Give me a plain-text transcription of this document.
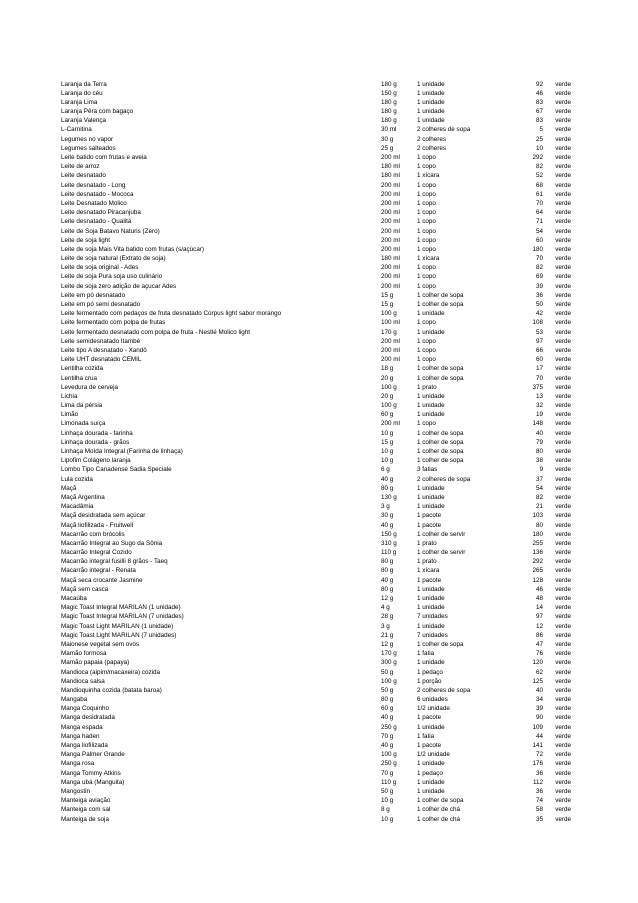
Laranja da Terra	180 g	1 unidade	92	verde
Laranja do céu	150 g	1 unidade	46	verde
Laranja Lima	180 g	1 unidade	83	verde
Laranja Pêra com bagaço	180 g	1 unidade	67	verde
Laranja Valença	180 g	1 unidade	83	verde
L-Carnitina	30 ml	2 colheres de sopa	5	verde
Legumes no vapor	30 g	2 colheres	25	verde
Legumes salteados	25 g	2 colheres	10	verde
Leite batido com frutas e aveia	200 ml	1 copo	292	verde
Leite de arroz	180 ml	1 copo	82	verde
Leite desnatado	180 ml	1 xícara	52	verde
Leite desnatado - Long	200 ml	1 copo	68	verde
Leite desnatado - Mococa	200 ml	1 copo	61	verde
Leite Desnatado Molico	200 ml	1 copo	70	verde
Leite desnatado Piracanjuba	200 ml	1 copo	64	verde
Leite desnatado - Qualitá	200 ml	1 copo	71	verde
Leite de Soja Batavo Naturis (Zero)	200 ml	1 copo	54	verde
Leite de soja light	200 ml	1 copo	60	verde
Leite de soja Mais Vita batido com frutas (s/açúcar)	200 ml	1 copo	180	verde
Leite de soja natural (Extrato de soja)	180 ml	1 xícara	70	verde
Leite de soja original - Ades	200 ml	1 copo	82	verde
Leite de soja Pura soja uso culinário	200 ml	1 copo	69	verde
Leite de soja zero adição de açucar Ades	200 ml	1 copo	39	verde
Leite em pó desnatado	15 g	1 colher de sopa	36	verde
Leite em pó semi desnatado	15 g	1 colher de sopa	50	verde
Leite fermentado com pedaços de fruta desnatado Corpus light sabor morango	100 g	1 unidade	42	verde
Leite fermentado com polpa de frutas	100 ml	1 copo	108	verde
Leite fermentado desnatado com polpa de fruta - Nestlé Molico light	170 g	1 unidade	53	verde
Leite semidesnatado Itambé	200 ml	1 copo	97	verde
Leite tipo A desnatado - Xandô	200 ml	1 copo	66	verde
Leite UHT desnatado CEMIL	200 ml	1 copo	60	verde
Lentilha cozida	18 g	1 colher de sopa	17	verde
Lentilha crua	20 g	1 colher de sopa	70	verde
Levedura de cerveja	100 g	1 prato	375	verde
Lichia	20 g	1 unidade	13	verde
Lima da pérsia	100 g	1 unidade	32	verde
Limão	60 g	1 unidade	19	verde
Limonada suíça	200 ml	1 copo	148	verde
Linhaça dourada - farinha	10 g	1 colher de sopa	40	verde
Linhaça dourada - grãos	15 g	1 colher de sopa	79	verde
Linhaça Moída Integral (Farinha de linhaça)	10 g	1 colher de sopa	80	verde
Lipofim Colágeno laranja	10 g	1 colher de sopa	38	verde
Lombo Tipo Canadense Sadia Speciale	6 g	3 fatias	9	verde
Lula cozida	40 g	2 colheres de sopa	37	verde
Maçã	80 g	1 unidade	54	verde
Maçã Argentina	130 g	1 unidade	82	verde
Macadâmia	3 g	1 unidade	21	verde
Maçã desidratada sem açúcar	30 g	1 pacote	103	verde
Maçã liofilizada - Fruitwell	40 g	1 pacote	80	verde
Macarrão com brócolis	150 g	1 colher de servir	180	verde
Macarrão Integral ao Sugo da Sônia	310 g	1 prato	255	verde
Macarrão Integral Cozido	110 g	1 colher de servir	136	verde
Macarrão integral fusilli 8 grãos - Taeq	80 g	1 prato	292	verde
Macarrão integral - Renata	80 g	1 xícara	265	verde
Maçã seca crocante Jasmine	40 g	1 pacote	128	verde
Maçã sem casca	80 g	1 unidade	46	verde
Macaúba	12 g	1 unidade	48	verde
Magic Toast Integral MARILAN (1 unidade)	4 g	1 unidade	14	verde
Magic Toast Integral MARILAN (7 unidades)	28 g	7 unidades	97	verde
Magic Toast Light MARILAN (1 unidade)	3 g	1 unidade	12	verde
Magic Toast Light MARILAN (7 unidades)	21 g	7 unidades	86	verde
Maionese vegetal sem ovos	12 g	1 colher de sopa	47	verde
Mamão formosa	170 g	1 fatia	76	verde
Mamão papaia (papaya)	300 g	1 unidade	120	verde
Mandioca (aipim/macaxeira) cozida	50 g	1 pedaço	62	verde
Mandioca salsa	100 g	1 porção	125	verde
Mandioquinha cozida (batata baroa)	50 g	2 colheres de sopa	40	verde
Mangaba	80 g	6 unidades	34	verde
Manga Coquinho	60 g	1/2 unidade	39	verde
Manga desidratada	40 g	1 pacote	90	verde
Manga espada	250 g	1 unidade	109	verde
Manga haden	70 g	1 fatia	44	verde
Manga liofilizada	40 g	1 pacote	141	verde
Manga Palmer Grande	100 g	1/2 unidade	72	verde
Manga rosa	250 g	1 unidade	176	verde
Manga Tommy Atkins	70 g	1 pedaço	36	verde
Manga ubá (Manguita)	110 g	1 unidade	112	verde
Mangostin	50 g	1 unidade	36	verde
Manteiga aviação	10 g	1 colher de sopa	74	verde
Manteiga com sal	8 g	1 colher de chá	58	verde
Manteiga de soja	10 g	1 colher de chá	35	verde
